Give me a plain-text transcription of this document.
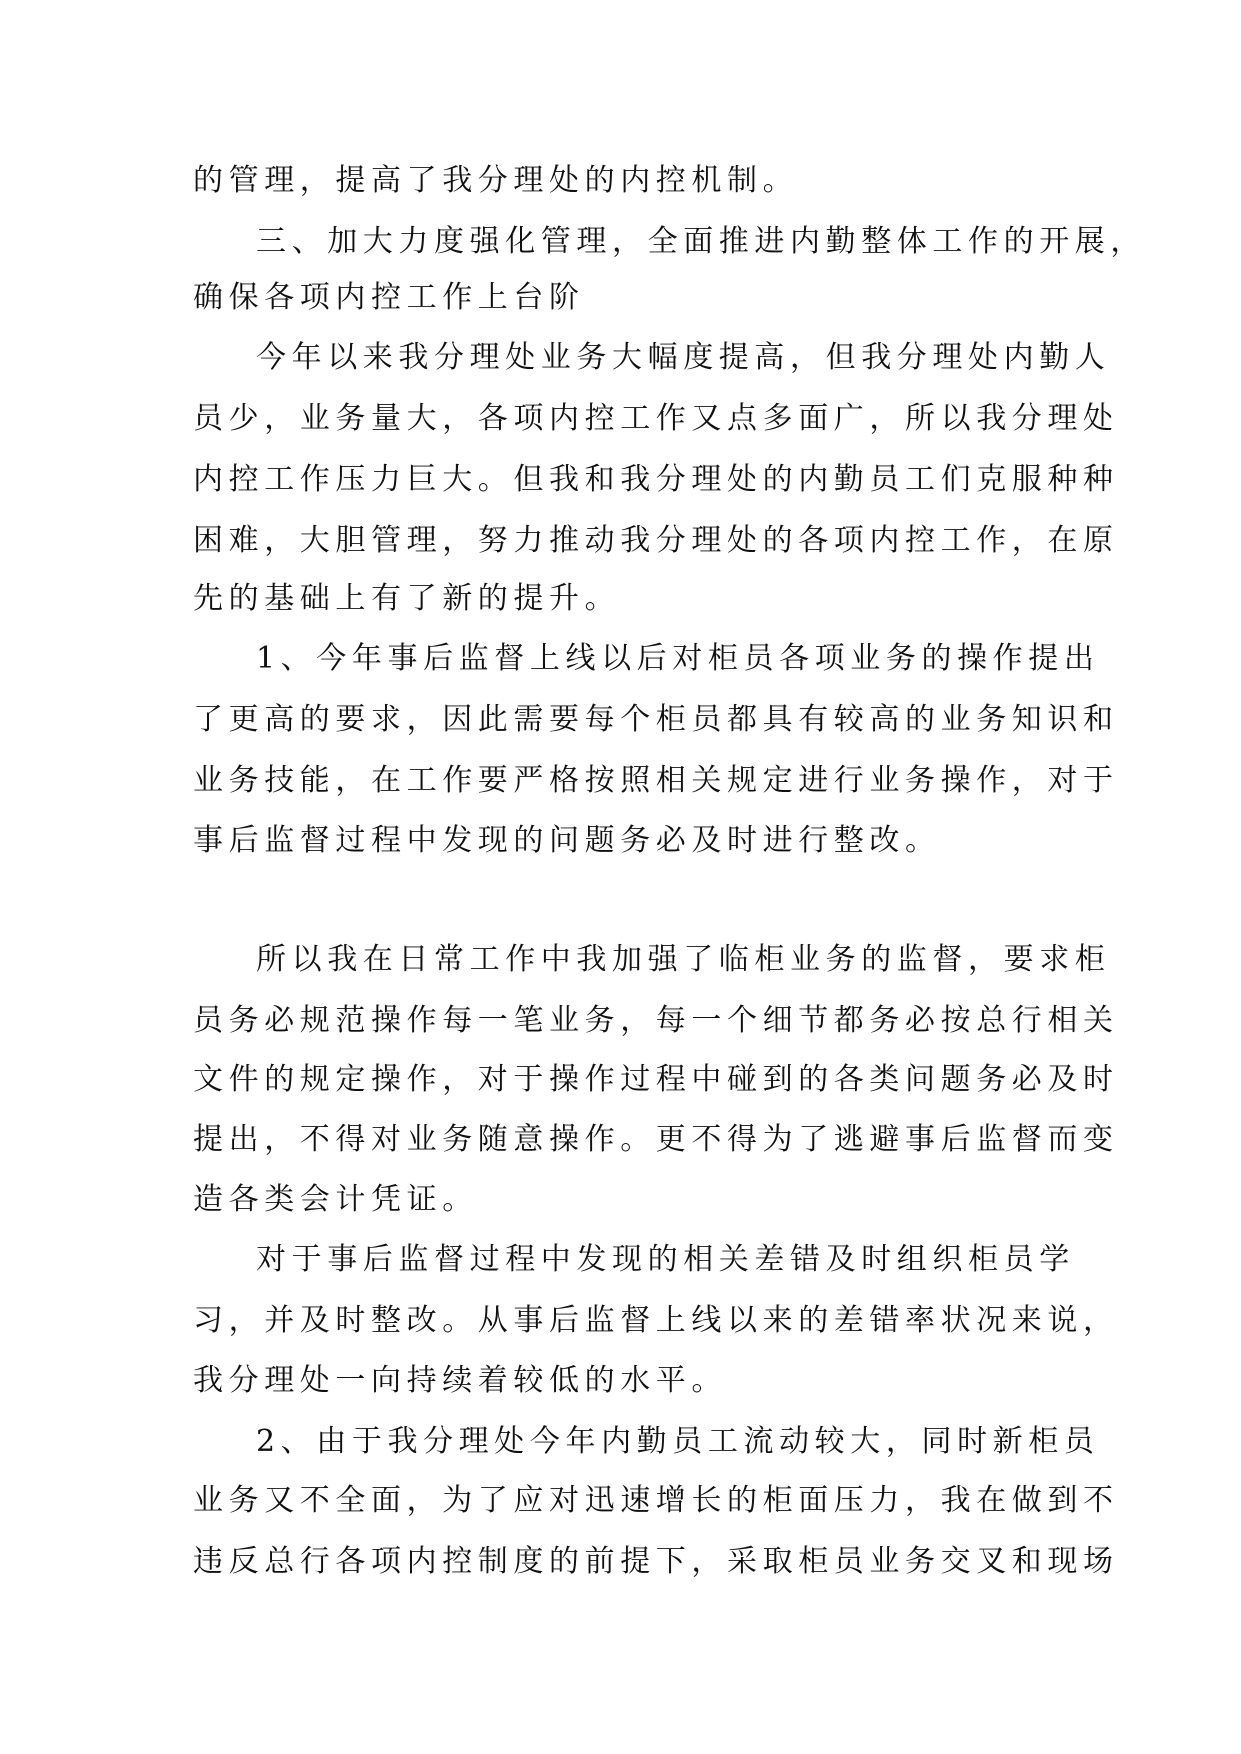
的管理，提高了我分理处的内控机制。

三、加大力度强化管理，全面推进内勤整体工作的开展，

确保各项内控工作上台阶

今年以来我分理处业务大幅度提高，但我分理处内勤人

员少，业务量大，各项内控工作又点多面广，所以我分理处

内控工作压力巨大。但我和我分理处的内勤员工们克服种种

困难，大胆管理，努力推动我分理处的各项内控工作，在原

先的基础上有了新的提升。

1、今年事后监督上线以后对柜员各项业务的操作提出

了更高的要求，因此需要每个柜员都具有较高的业务知识和

业务技能，在工作要严格按照相关规定进行业务操作，对于

事后监督过程中发现的问题务必及时进行整改。

所以我在日常工作中我加强了临柜业务的监督，要求柜

员务必规范操作每一笔业务，每一个细节都务必按总行相关

文件的规定操作，对于操作过程中碰到的各类问题务必及时

提出，不得对业务随意操作。更不得为了逃避事后监督而变

造各类会计凭证。

对于事后监督过程中发现的相关差错及时组织柜员学

习，并及时整改。从事后监督上线以来的差错率状况来说，

我分理处一向持续着较低的水平。

2、由于我分理处今年内勤员工流动较大，同时新柜员

业务又不全面，为了应对迅速增长的柜面压力，我在做到不

违反总行各项内控制度的前提下，采取柜员业务交叉和现场
